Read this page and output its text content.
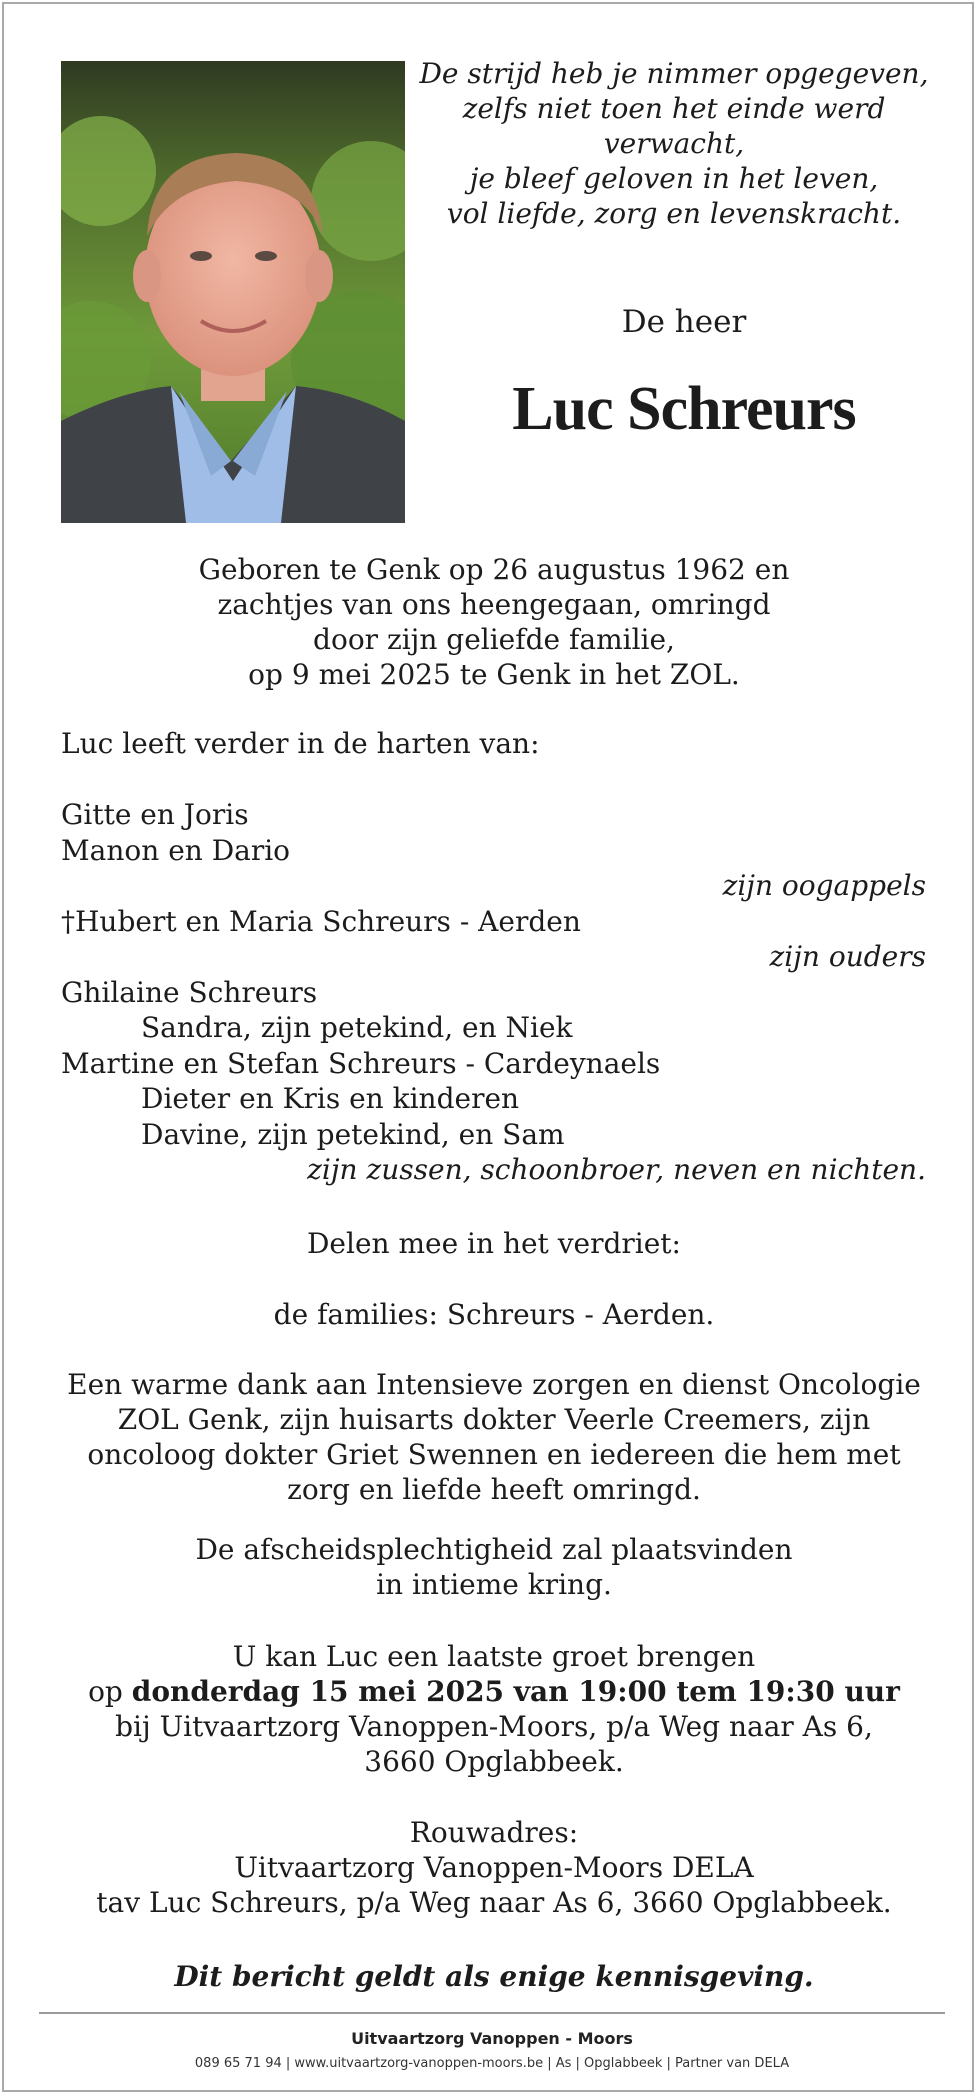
De strijd heb je nimmer opgegeven,
zelfs niet toen het einde werd
verwacht,
je bleef geloven in het leven,
vol liefde, zorg en levenskracht.
De heer
Luc Schreurs
Geboren te Genk op 26 augustus 1962 en
zachtjes van ons heengegaan, omringd
door zijn geliefde familie,
op 9 mei 2025 te Genk in het ZOL.
Luc leeft verder in de harten van:
Gitte en Joris
Manon en Dario
zijn oogappels
†Hubert en Maria Schreurs - Aerden
zijn ouders
Ghilaine Schreurs
Sandra, zijn petekind, en Niek
Martine en Stefan Schreurs - Cardeynaels
Dieter en Kris en kinderen
Davine, zijn petekind, en Sam
zijn zussen, schoonbroer, neven en nichten.
Delen mee in het verdriet:
de families: Schreurs - Aerden.
Een warme dank aan Intensieve zorgen en dienst Oncologie
ZOL Genk, zijn huisarts dokter Veerle Creemers, zijn
oncoloog dokter Griet Swennen en iedereen die hem met
zorg en liefde heeft omringd.
De afscheidsplechtigheid zal plaatsvinden
in intieme kring.
U kan Luc een laatste groet brengen
op donderdag 15 mei 2025 van 19:00 tem 19:30 uur
bij Uitvaartzorg Vanoppen-Moors, p/a Weg naar As 6,
3660 Opglabbeek.
Rouwadres:
Uitvaartzorg Vanoppen-Moors DELA
tav Luc Schreurs, p/a Weg naar As 6, 3660 Opglabbeek.
Dit bericht geldt als enige kennisgeving.
Uitvaartzorg Vanoppen - Moors
089 65 71 94 | www.uitvaartzorg-vanoppen-moors.be | As | Opglabbeek | Partner van DELA
